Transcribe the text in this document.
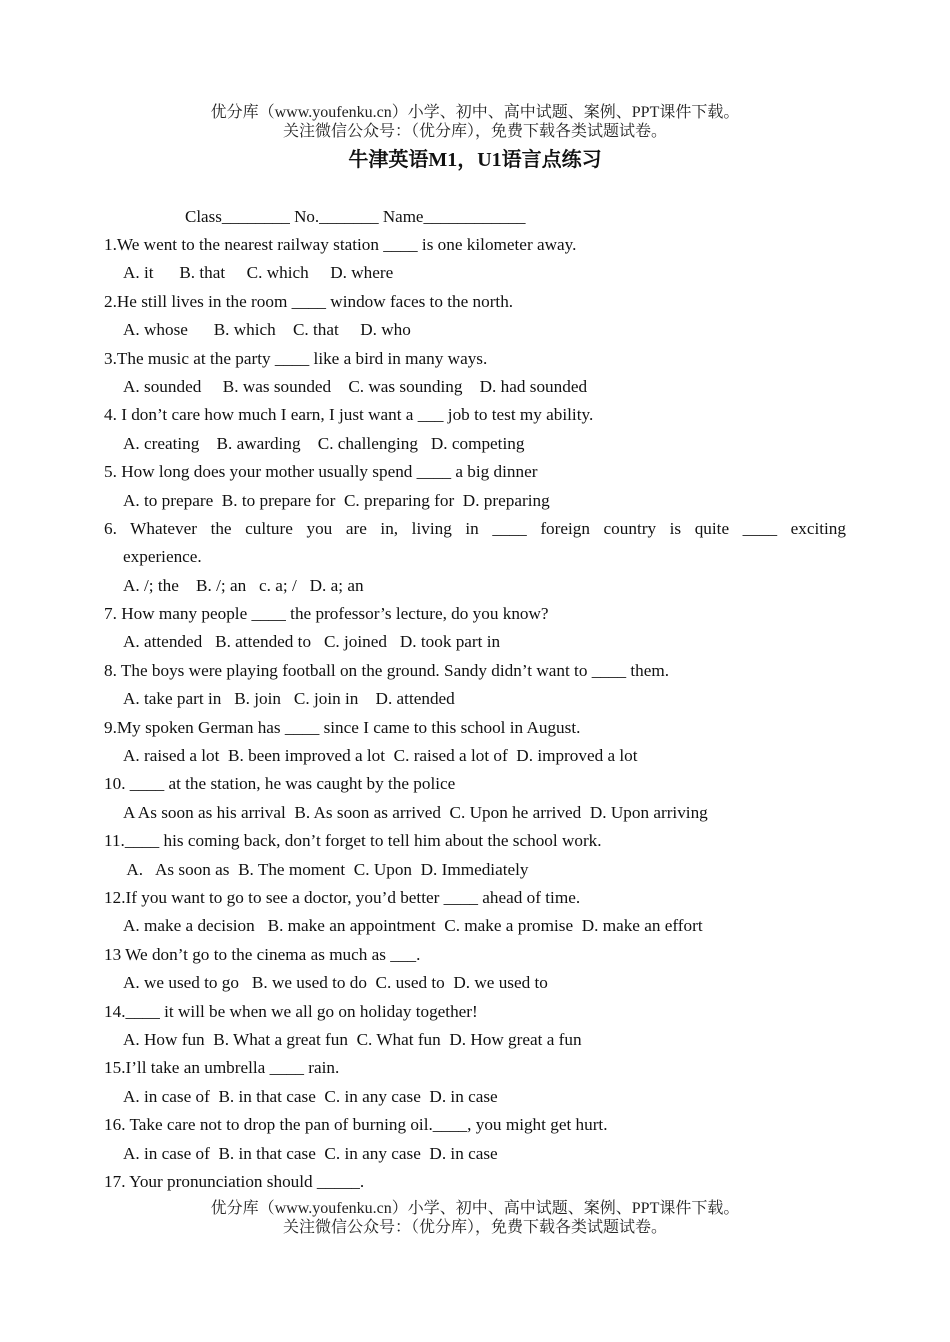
优分库（www.youfenku.cn）小学、初中、高中试题、案例、PPT课件下载。
关注微信公众号：（优分库），免费下载各类试题试卷。
牛津英语M1，U1语言点练习
Class________ No._______ Name____________
1.We went to the nearest railway station ____ is one kilometer away.
A. it      B. that     C. which     D. where
2.He still lives in the room ____ window faces to the north.
A. whose      B. which    C. that     D. who
3.The music at the party ____ like a bird in many ways.
A. sounded     B. was sounded    C. was sounding    D. had sounded
4. I don’t care how much I earn, I just want a ___ job to test my ability.
A. creating    B. awarding    C. challenging   D. competing
5. How long does your mother usually spend ____ a big dinner
A. to prepare  B. to prepare for  C. preparing for  D. preparing
6. Whatever the culture you are in, living in ____ foreign country is quite ____ exciting
experience.
A. /; the    B. /; an   c. a; /   D. a; an
7. How many people ____ the professor’s lecture, do you know?
A. attended   B. attended to   C. joined   D. took part in
8. The boys were playing football on the ground. Sandy didn’t want to ____ them.
A. take part in   B. join   C. join in    D. attended
9.My spoken German has ____ since I came to this school in August.
A. raised a lot  B. been improved a lot  C. raised a lot of  D. improved a lot
10. ____ at the station, he was caught by the police
A As soon as his arrival  B. As soon as arrived  C. Upon he arrived  D. Upon arriving
11.____ his coming back, don’t forget to tell him about the school work.
A.   As soon as  B. The moment  C. Upon  D. Immediately
12.If you want to go to see a doctor, you’d better ____ ahead of time.
A. make a decision   B. make an appointment  C. make a promise  D. make an effort
13 We don’t go to the cinema as much as ___.
A. we used to go   B. we used to do  C. used to  D. we used to
14.____ it will be when we all go on holiday together!
A. How fun  B. What a great fun  C. What fun  D. How great a fun
15.I’ll take an umbrella ____ rain.
A. in case of  B. in that case  C. in any case  D. in case
16. Take care not to drop the pan of burning oil.____, you might get hurt.
A. in case of  B. in that case  C. in any case  D. in case
17. Your pronunciation should _____.
优分库（www.youfenku.cn）小学、初中、高中试题、案例、PPT课件下载。
关注微信公众号：（优分库），免费下载各类试题试卷。
